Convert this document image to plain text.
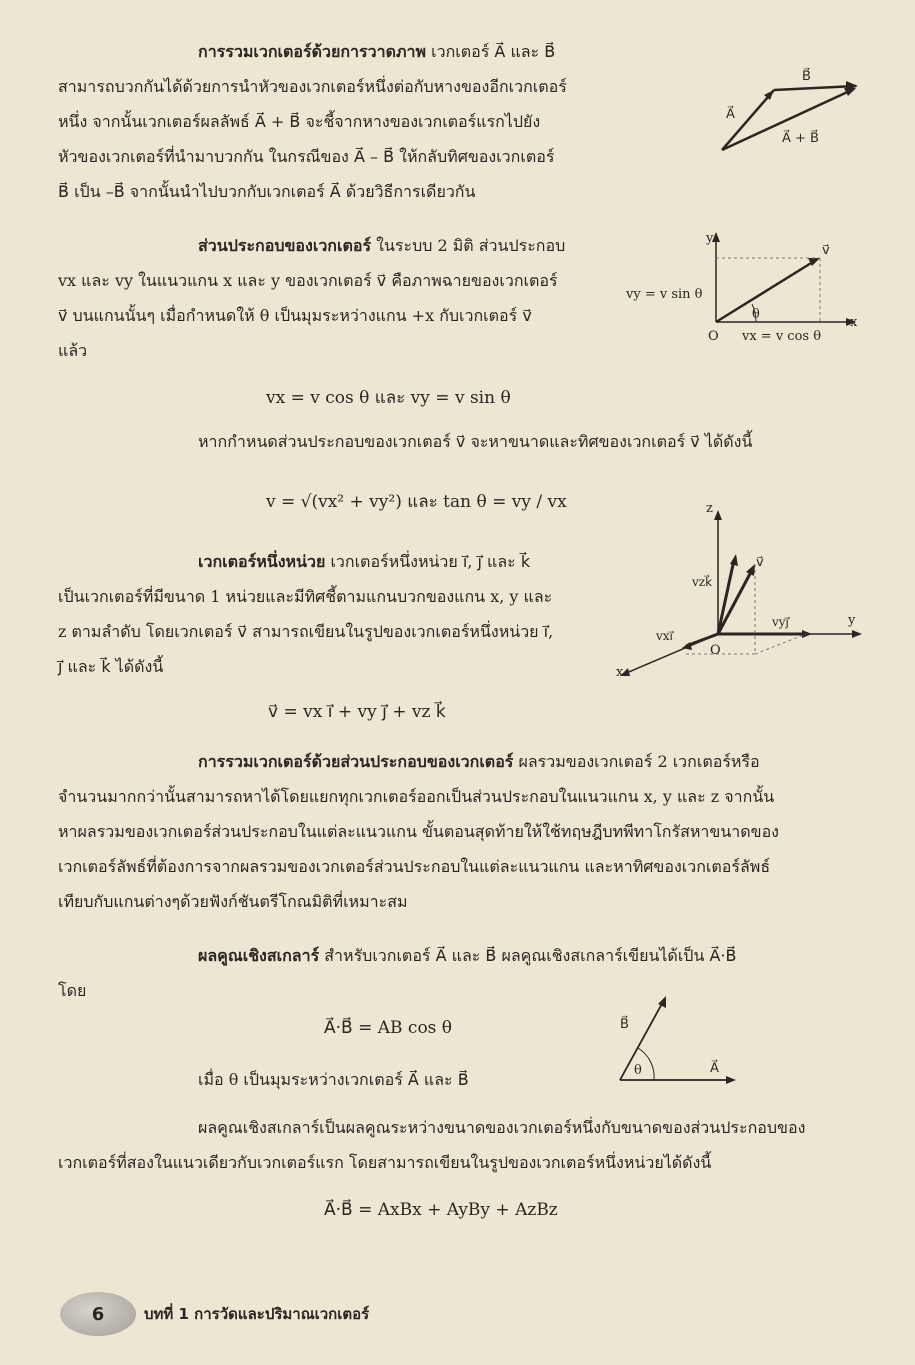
การรวมเวกเตอร์ด้วยการวาดภาพ เวกเตอร์ A⃗ และ B⃗
สามารถบวกกันได้ด้วยการนำหัวของเวกเตอร์หนึ่งต่อกับหางของอีกเวกเตอร์
หนึ่ง จากนั้นเวกเตอร์ผลลัพธ์ A⃗ + B⃗ จะชี้จากหางของเวกเตอร์แรกไปยัง
หัวของเวกเตอร์ที่นำมาบวกกัน ในกรณีของ A⃗ – B⃗ ให้กลับทิศของเวกเตอร์
B⃗ เป็น –B⃗ จากนั้นนำไปบวกกับเวกเตอร์ A⃗ ด้วยวิธีการเดียวกัน
A⃗
B⃗
A⃗ + B⃗
ส่วนประกอบของเวกเตอร์ ในระบบ 2 มิติ ส่วนประกอบ
vx และ vy ในแนวแกน x และ y ของเวกเตอร์ v⃗ คือภาพฉายของเวกเตอร์
v⃗ บนแกนนั้นๆ เมื่อกำหนดให้ θ เป็นมุมระหว่างแกน +x กับเวกเตอร์ v⃗
แล้ว
y
x
v⃗
O
θ
vy = v sin θ
vx = v cos θ
vx = v cos θ และ vy = v sin θ
หากกำหนดส่วนประกอบของเวกเตอร์ v⃗ จะหาขนาดและทิศของเวกเตอร์ v⃗ ได้ดังนี้
v = √(vx² + vy²) และ tan θ = vy / vx
เวกเตอร์หนึ่งหน่วย เวกเตอร์หนึ่งหน่วย i⃗, j⃗ และ k⃗
เป็นเวกเตอร์ที่มีขนาด 1 หน่วยและมีทิศชี้ตามแกนบวกของแกน x, y และ
z ตามลำดับ โดยเวกเตอร์ v⃗ สามารถเขียนในรูปของเวกเตอร์หนึ่งหน่วย i⃗,
j⃗ และ k⃗ ได้ดังนี้
z
y
x
v⃗
O
vzk⃗
vyj⃗
vxi⃗
v⃗ = vx i⃗ + vy j⃗ + vz k⃗
การรวมเวกเตอร์ด้วยส่วนประกอบของเวกเตอร์ ผลรวมของเวกเตอร์ 2 เวกเตอร์หรือ
จำนวนมากกว่านั้นสามารถหาได้โดยแยกทุกเวกเตอร์ออกเป็นส่วนประกอบในแนวแกน x, y และ z จากนั้น
หาผลรวมของเวกเตอร์ส่วนประกอบในแต่ละแนวแกน ขั้นตอนสุดท้ายให้ใช้ทฤษฎีบทพีทาโกรัสหาขนาดของ
เวกเตอร์ลัพธ์ที่ต้องการจากผลรวมของเวกเตอร์ส่วนประกอบในแต่ละแนวแกน และหาทิศของเวกเตอร์ลัพธ์
เทียบกับแกนต่างๆด้วยฟังก์ชันตรีโกณมิติที่เหมาะสม
ผลคูณเชิงสเกลาร์ สำหรับเวกเตอร์ A⃗ และ B⃗ ผลคูณเชิงสเกลาร์เขียนได้เป็น A⃗·B⃗
โดย
A⃗·B⃗ = AB cos θ
เมื่อ θ เป็นมุมระหว่างเวกเตอร์ A⃗ และ B⃗
A⃗
B⃗
θ
ผลคูณเชิงสเกลาร์เป็นผลคูณระหว่างขนาดของเวกเตอร์หนึ่งกับขนาดของส่วนประกอบของ
เวกเตอร์ที่สองในแนวเดียวกับเวกเตอร์แรก โดยสามารถเขียนในรูปของเวกเตอร์หนึ่งหน่วยได้ดังนี้
A⃗·B⃗ = AxBx + AyBy + AzBz
6	บทที่ 1 การวัดและปริมาณเวกเตอร์
